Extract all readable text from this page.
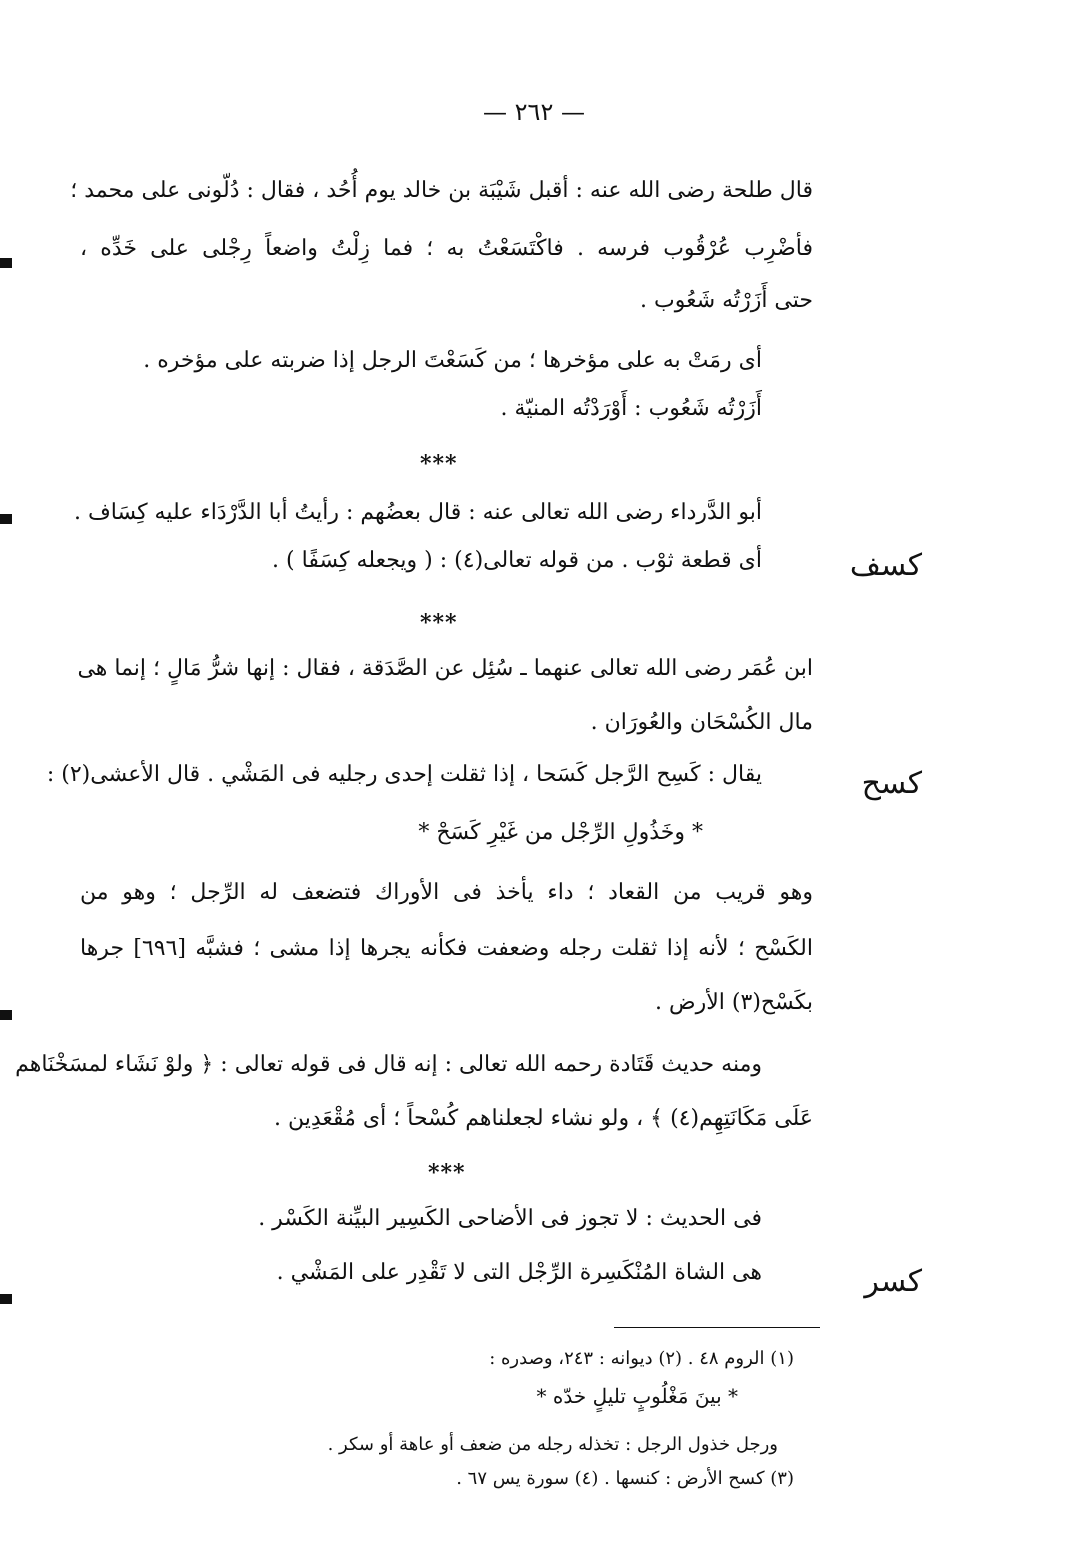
— ٢٦٢ —
قال طلحة رضى الله عنه : أقبل شَيْبَة بن خالد يوم أُحُد ، فقال : دُلّونى على محمد ؛
فأضْرِب عُرْقُوب فرسه . فاكْتَسَعْتُ به ؛ فما زِلْتُ واضعاً رِجْلى على خَدِّه ،
حتى أَزَرْتُه شَعُوب .
أى رمَتْ به على مؤخرها ؛ من كَسَعْتَ الرجل إذا ضربته على مؤخره .
أَزَرْتُه شَعُوب : أَوْرَدْتُه المنيّة .
***
أبو الدَّرداء رضى الله تعالى عنه : قال بعضُهم : رأيتُ أبا الدَّرْدَاء عليه كِسَاف .
كسف
أى قطعة ثوْب . من قوله تعالى(٤) : ( ويجعله كِسَفًا ) .
***
ابن عُمَر رضى الله تعالى عنهما ـ سُئِل عن الصَّدَقة ، فقال : إنها شرُّ مَالٍ ؛ إنما هى
مال الكُسْحَان والعُورَان .
كسح
يقال : كَسِح الرَّجل كَسَحا ، إذا ثقلت إحدى رجليه فى المَشْي . قال الأعشى(٢) :
* وخَذُولِ الرِّجْل من غَيْرِ كَسَحْ *
وهو قريب من القعاد ؛ داء يأخذ فى الأوراك فتضعف له الرِّجل ؛ وهو من
الكَسْح ؛ لأنه إذا ثقلت رجله وضعفت فكأنه يجرها إذا مشى ؛ فشبَّه [٦٩٦] جرها
بكَسْح(٣) الأرض .
ومنه حديث قَتَادة رحمه الله تعالى : إنه قال فى قوله تعالى : ﴿ ولوْ نَشَاء لمسَخْنَاهم
عَلَى مَكَانَتِهِم(٤) ﴾ ، ولو نشاء لجعلناهم كُسْحاً ؛ أى مُقْعَدِين .
***
فى الحديث : لا تجوز فى الأضاحى الكَسِير البيِّنة الكَسْر .
كسر
هى الشاة المُنْكَسِرة الرِّجْل التى لا تَقْدِر على المَشْي .
(١) الروم ٤٨ . (٢) ديوانه : ٢٤٣، وصدره :
* بينَ مَغْلُوبٍ تليلٍ خدّه *
ورجل خذول الرجل : تخذله رجله من ضعف أو عاهة أو سكر .
(٣) كسح الأرض : كنسها . (٤) سورة يس ٦٧ .
